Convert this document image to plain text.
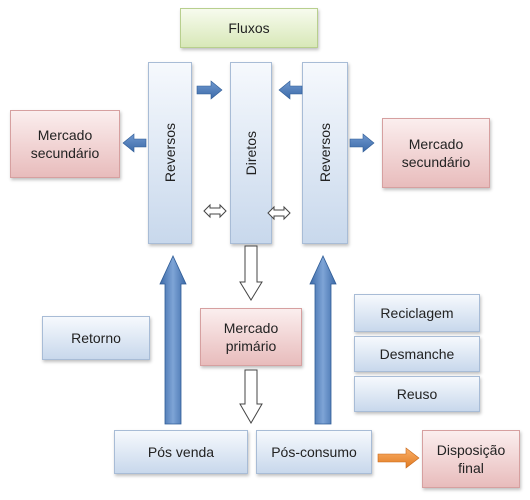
Fluxos
Reversos	Diretos	Reversos
Mercado secundário
Mercado secundário
Retorno
Mercado primário
Reciclagem
Desmanche
Reuso
Pós venda	Pós-consumo	Disposição final
